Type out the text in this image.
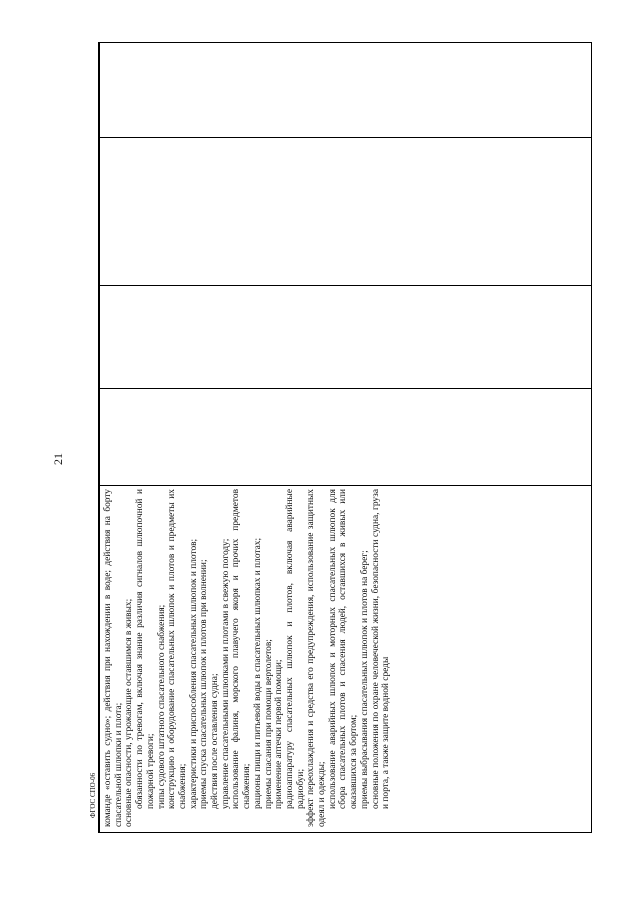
21
команде «оставить судно»; действия при нахождении в воде; действия на борту спасательной шлюпки и плота; основные опасности, угрожающие оставшимся в живых; обязанности по тревогам, включая знание различия сигналов шлюпочной и пожарной тревоги; типы судового штатного спасательного снабжения; конструкцию и оборудование спасательных шлюпок и плотов и предметы их снабжения; характеристики и приспособления спасательных шлюпок и плотов; приемы спуска спасательных шлюпок и плотов при волнении; действия после оставления судна; управление спасательными шлюпками и плотами в свежую погоду; использование фалиня, морского плавучего якоря и прочих предметов снабжения; рационы пищи и питьевой воды в спасательных шлюпках и плотах; приемы спасания при помощи вертолетов; применение аптечки первой помощи; радиоаппаратуру спасательных шлюпок и плотов, включая аварийные радиобуи; эффект переохлаждения и средства его предупреждения, использование защитных одеял и одежды; использование аварийных шлюпок и моторных спасательных шлюпок для сбора спасательных плотов и спасения людей, оставшихся в живых или оказавшихся за бортом; приемы выбрасывания спасательных шлюпок и плотов на берег; основные положения по охране человеческой жизни, безопасности судна, груза и порта, а также защите водной среды
ФГОС СПО-06
